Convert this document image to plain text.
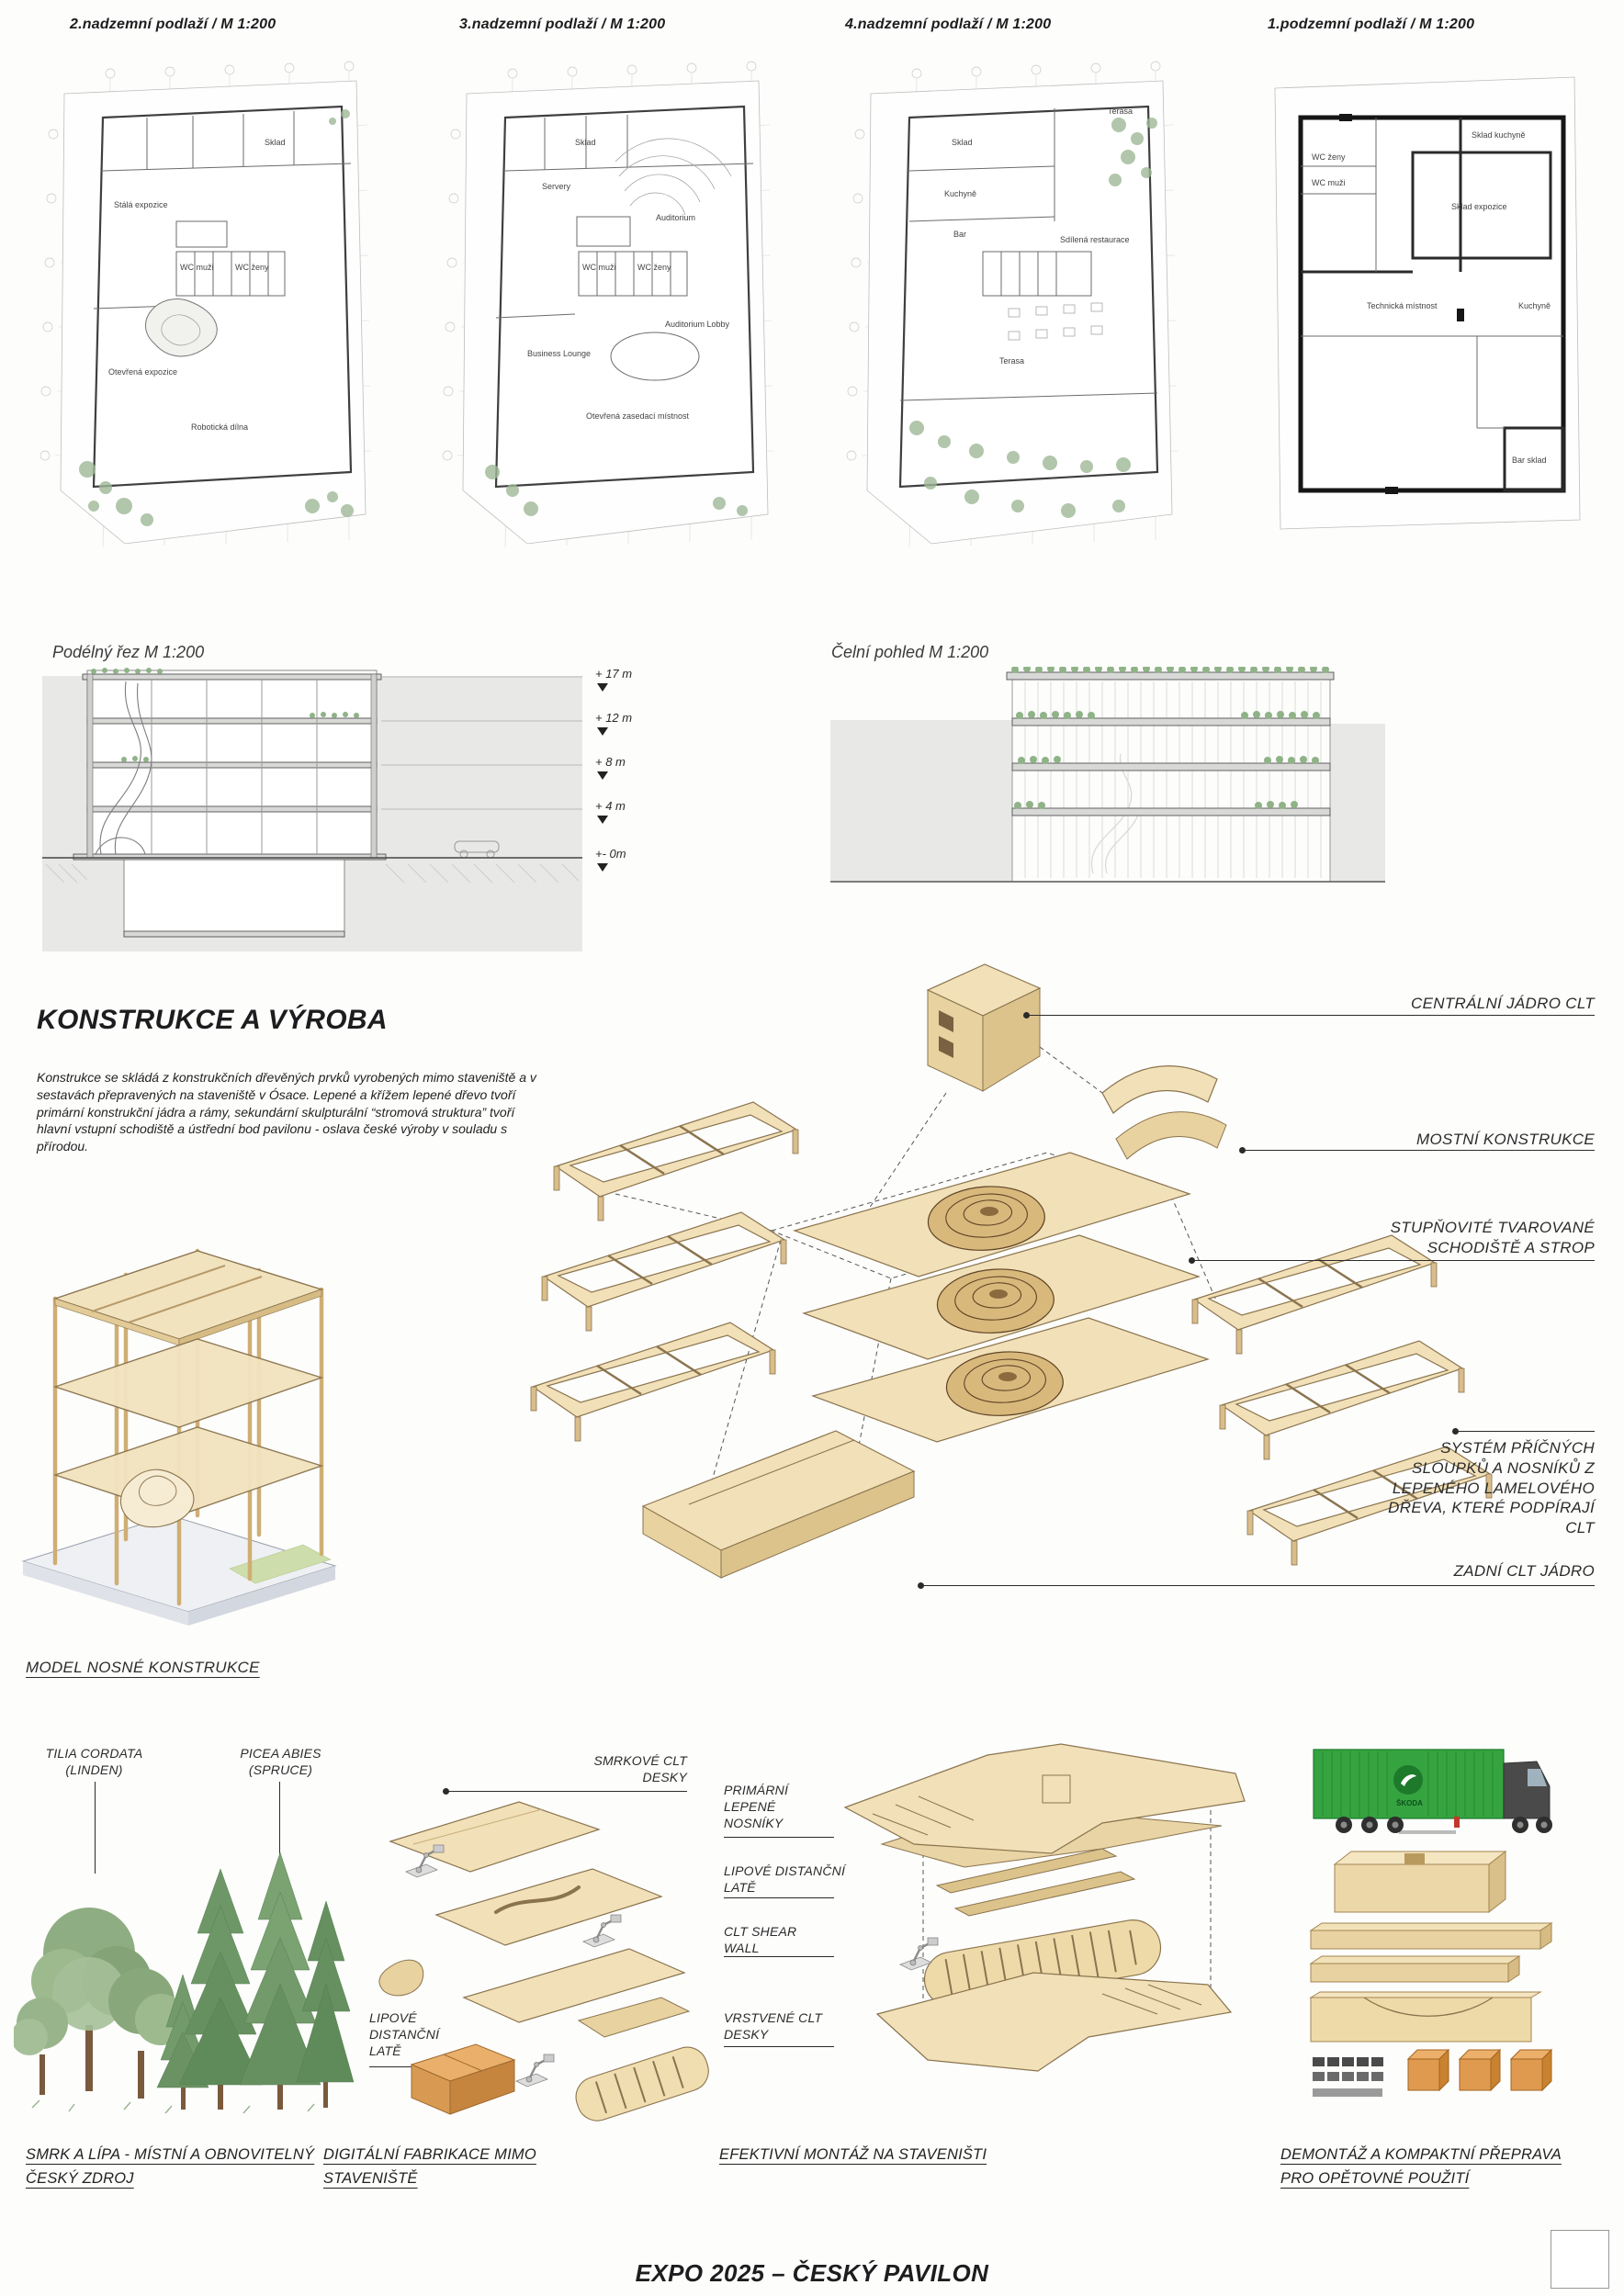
2.nadzemní podlaží / M 1:200
Sklad
Stálá expozice
WC muži	WC ženy
Otevřená expozice
Robotická dílna
3.nadzemní podlaží / M 1:200
Sklad
Servery
Auditorium
WC muži	WC ženy
Business Lounge
Auditorium Lobby
Otevřená zasedací místnost
4.nadzemní podlaží / M 1:200
Sklad
Kuchyně
Bar
Terasa
Sdílená restaurace
Terasa
1.podzemní podlaží / M 1:200
Sklad kuchyně
WC ženy
WC muži
Sklad expozice
Kuchyně
Technická místnost
Bar sklad
Podélný řez M 1:200
+ 17 m
+ 12 m
+ 8 m
+ 4 m
+- 0m
Čelní pohled M 1:200
KONSTRUKCE A VÝROBA
Konstrukce se skládá z konstrukčních dřevěných prvků vyrobených mimo staveniště a v sestavách přepravených na staveniště v Ósace. Lepené a křížem lepené dřevo tvoří primární konstrukční jádra a rámy, sekundární skulpturální “stromová struktura” tvoří hlavní vstupní schodiště a ústřední bod pavilonu - oslava české výroby v souladu s přírodou.
CENTRÁLNÍ JÁDRO CLT
MOSTNÍ KONSTRUKCE
STUPŇOVITÉ TVAROVANÉ SCHODIŠTĚ A STROP
SYSTÉM PŘÍČNÝCH SLOUPKŮ A NOSNÍKŮ Z LEPENÉHO LAMELOVÉHO DŘEVA, KTERÉ PODPÍRAJÍ CLT
ZADNÍ CLT JÁDRO
MODEL NOSNÉ KONSTRUKCE
TILIA CORDATA (LINDEN)
PICEA ABIES (SPRUCE)
SMRKOVÉ CLT DESKY
LIPOVÉ DISTANČNÍ LATĚ
PRIMÁRNÍ LEPENÉ NOSNÍKY
LIPOVÉ DISTANČNÍ LATĚ
CLT SHEAR WALL
VRSTVENÉ CLT DESKY
ŠKODA
SMRK A LÍPA - MÍSTNÍ A OBNOVITELNÝ ČESKÝ ZDROJ
DIGITÁLNÍ FABRIKACE MIMO STAVENIŠTĚ
EFEKTIVNÍ MONTÁŽ NA STAVENIŠTI	DEMONTÁŽ A KOMPAKTNÍ PŘEPRAVA PRO OPĚTOVNÉ POUŽITÍ
EXPO 2025 – ČESKÝ PAVILON
